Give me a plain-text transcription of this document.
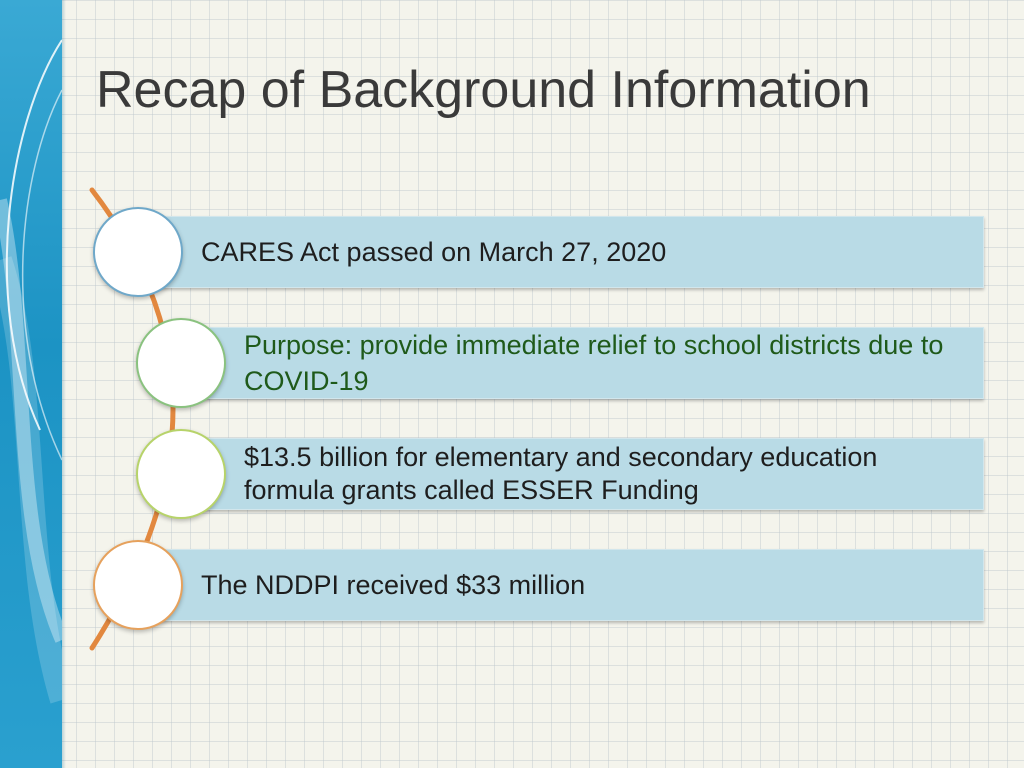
Recap of Background Information
CARES Act passed on March 27, 2020
Purpose: provide immediate relief to school districts due to COVID-19
$13.5 billion for elementary and secondary education formula grants called ESSER Funding
The NDDPI received $33 million
